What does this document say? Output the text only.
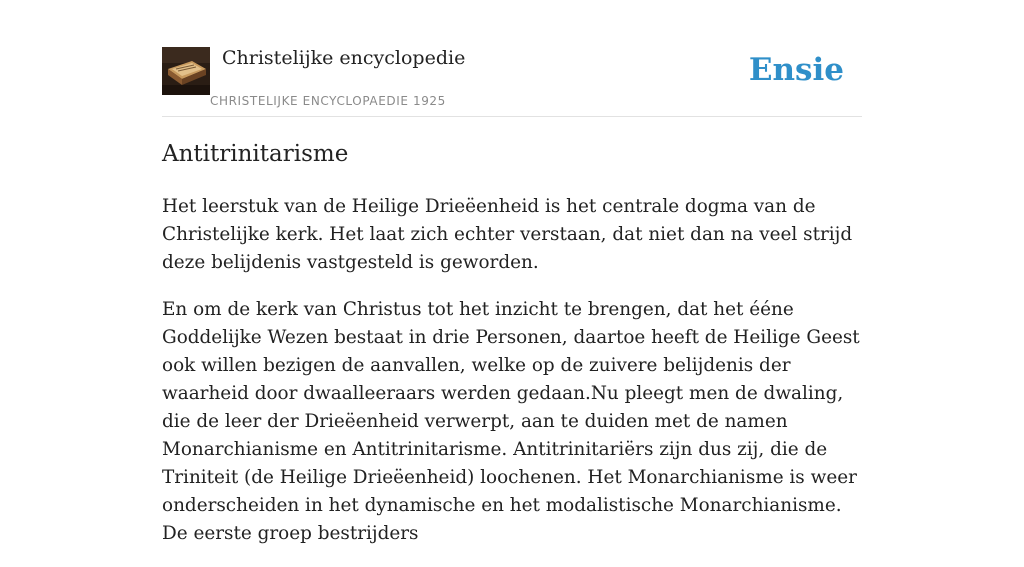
Christelijke encyclopedie
CHRISTELIJKE ENCYCLOPAEDIE 1925
Ensie
Antitrinitarisme

Het leerstuk van de Heilige Drieëenheid is het centrale dogma van de Christelijke kerk. Het laat zich echter verstaan, dat niet dan na veel strijd deze belijdenis vastgesteld is geworden.

En om de kerk van Christus tot het inzicht te brengen, dat het ééne Goddelijke Wezen bestaat in drie Personen, daartoe heeft de Heilige Geest ook willen bezigen de aanvallen, welke op de zuivere belijdenis der waarheid door dwaalleeraars werden gedaan.Nu pleegt men de dwaling, die de leer der Drieëenheid verwerpt, aan te duiden met de namen Monarchianisme en Antitrinitarisme. Antitrinitariërs zijn dus zij, die de Triniteit (de Heilige Drieëenheid) loochenen. Het Monarchianisme is weer onderscheiden in het dynamische en het modalistische Monarchianisme. De eerste groep bestrijders
